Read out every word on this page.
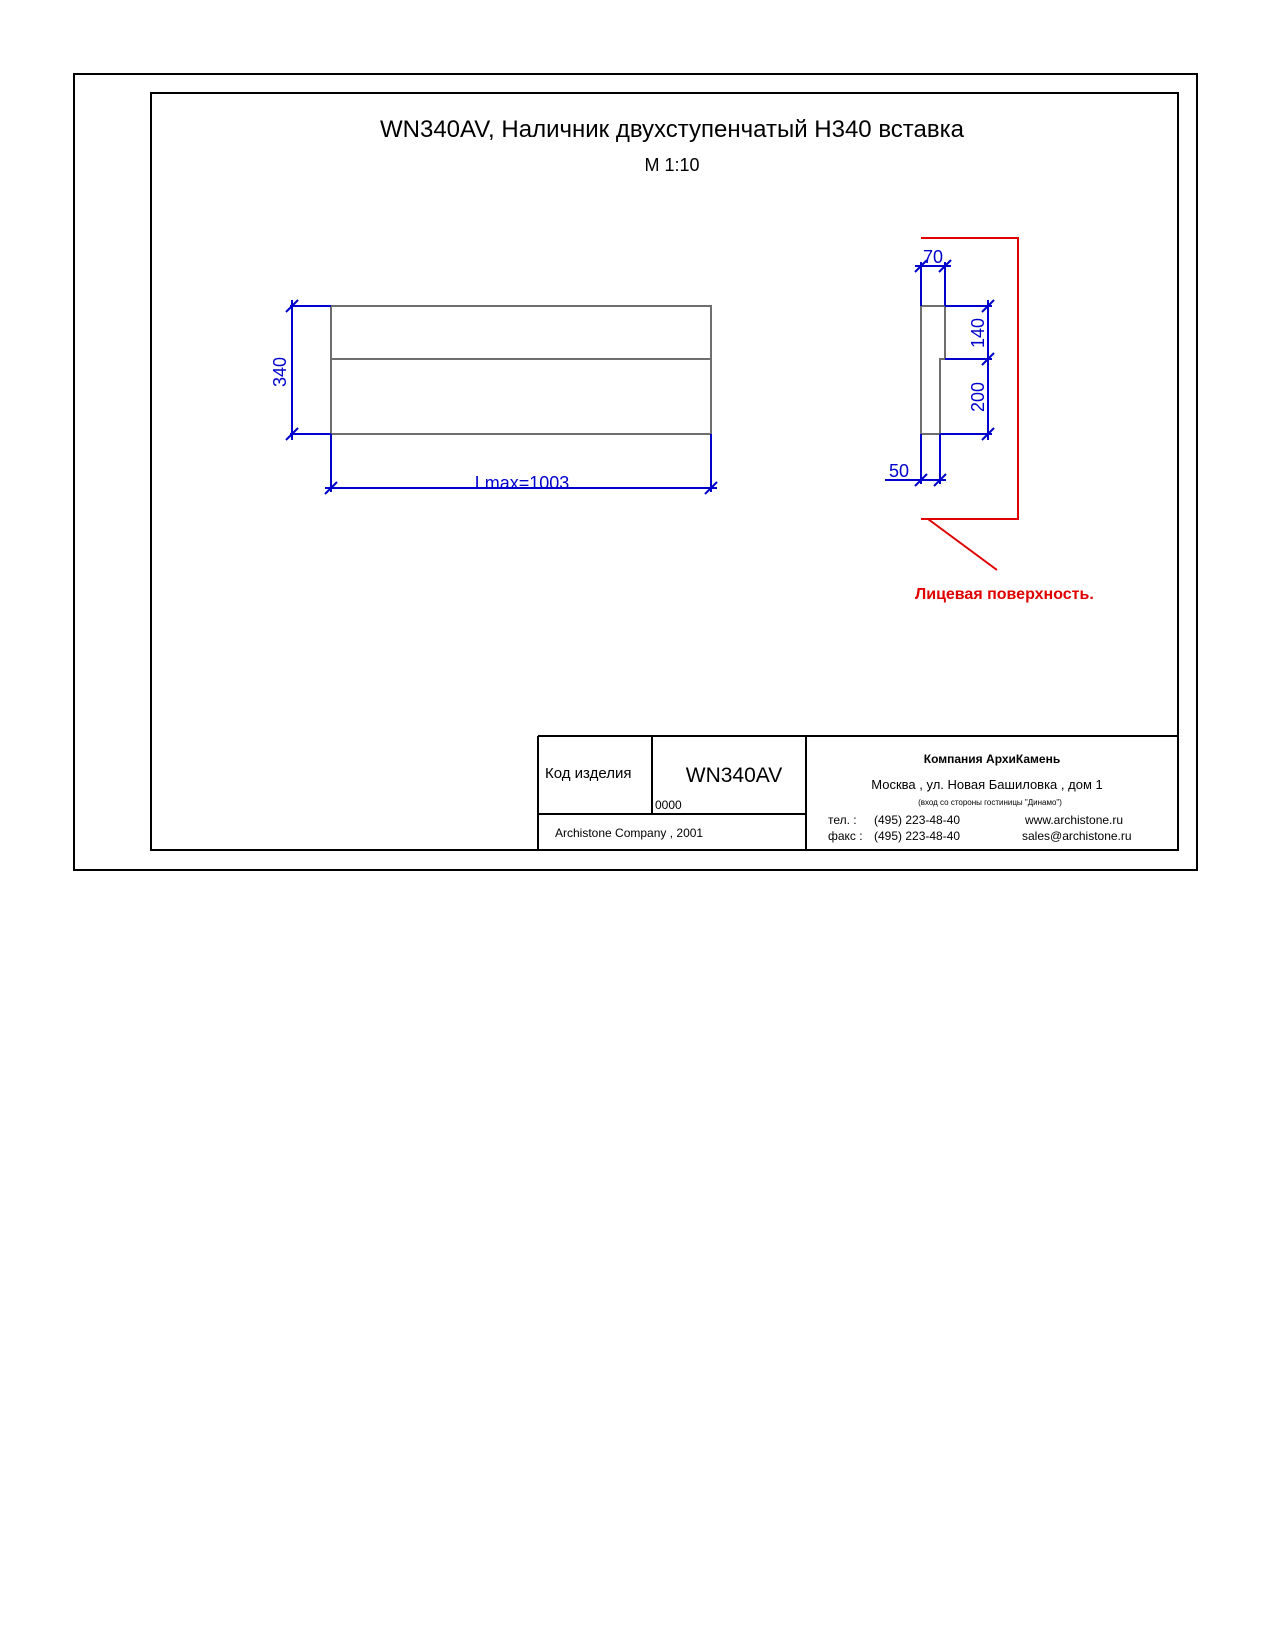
WN340AV, Наличник двухступенчатый Н340 вставка
М 1:10
340
Lmax=1003
Лицевая поверхность.
70
140
200
50
Код изделия	WN340AV
0000
Archistone Company , 2001
Компания АрхиКамень
Москва , ул. Новая Башиловка , дом 1
(вход со стороны гостиницы "Динамо")
тел. : (495) 223-48-40
факс : (495) 223-48-40
www.archistone.ru
sales@archistone.ru
